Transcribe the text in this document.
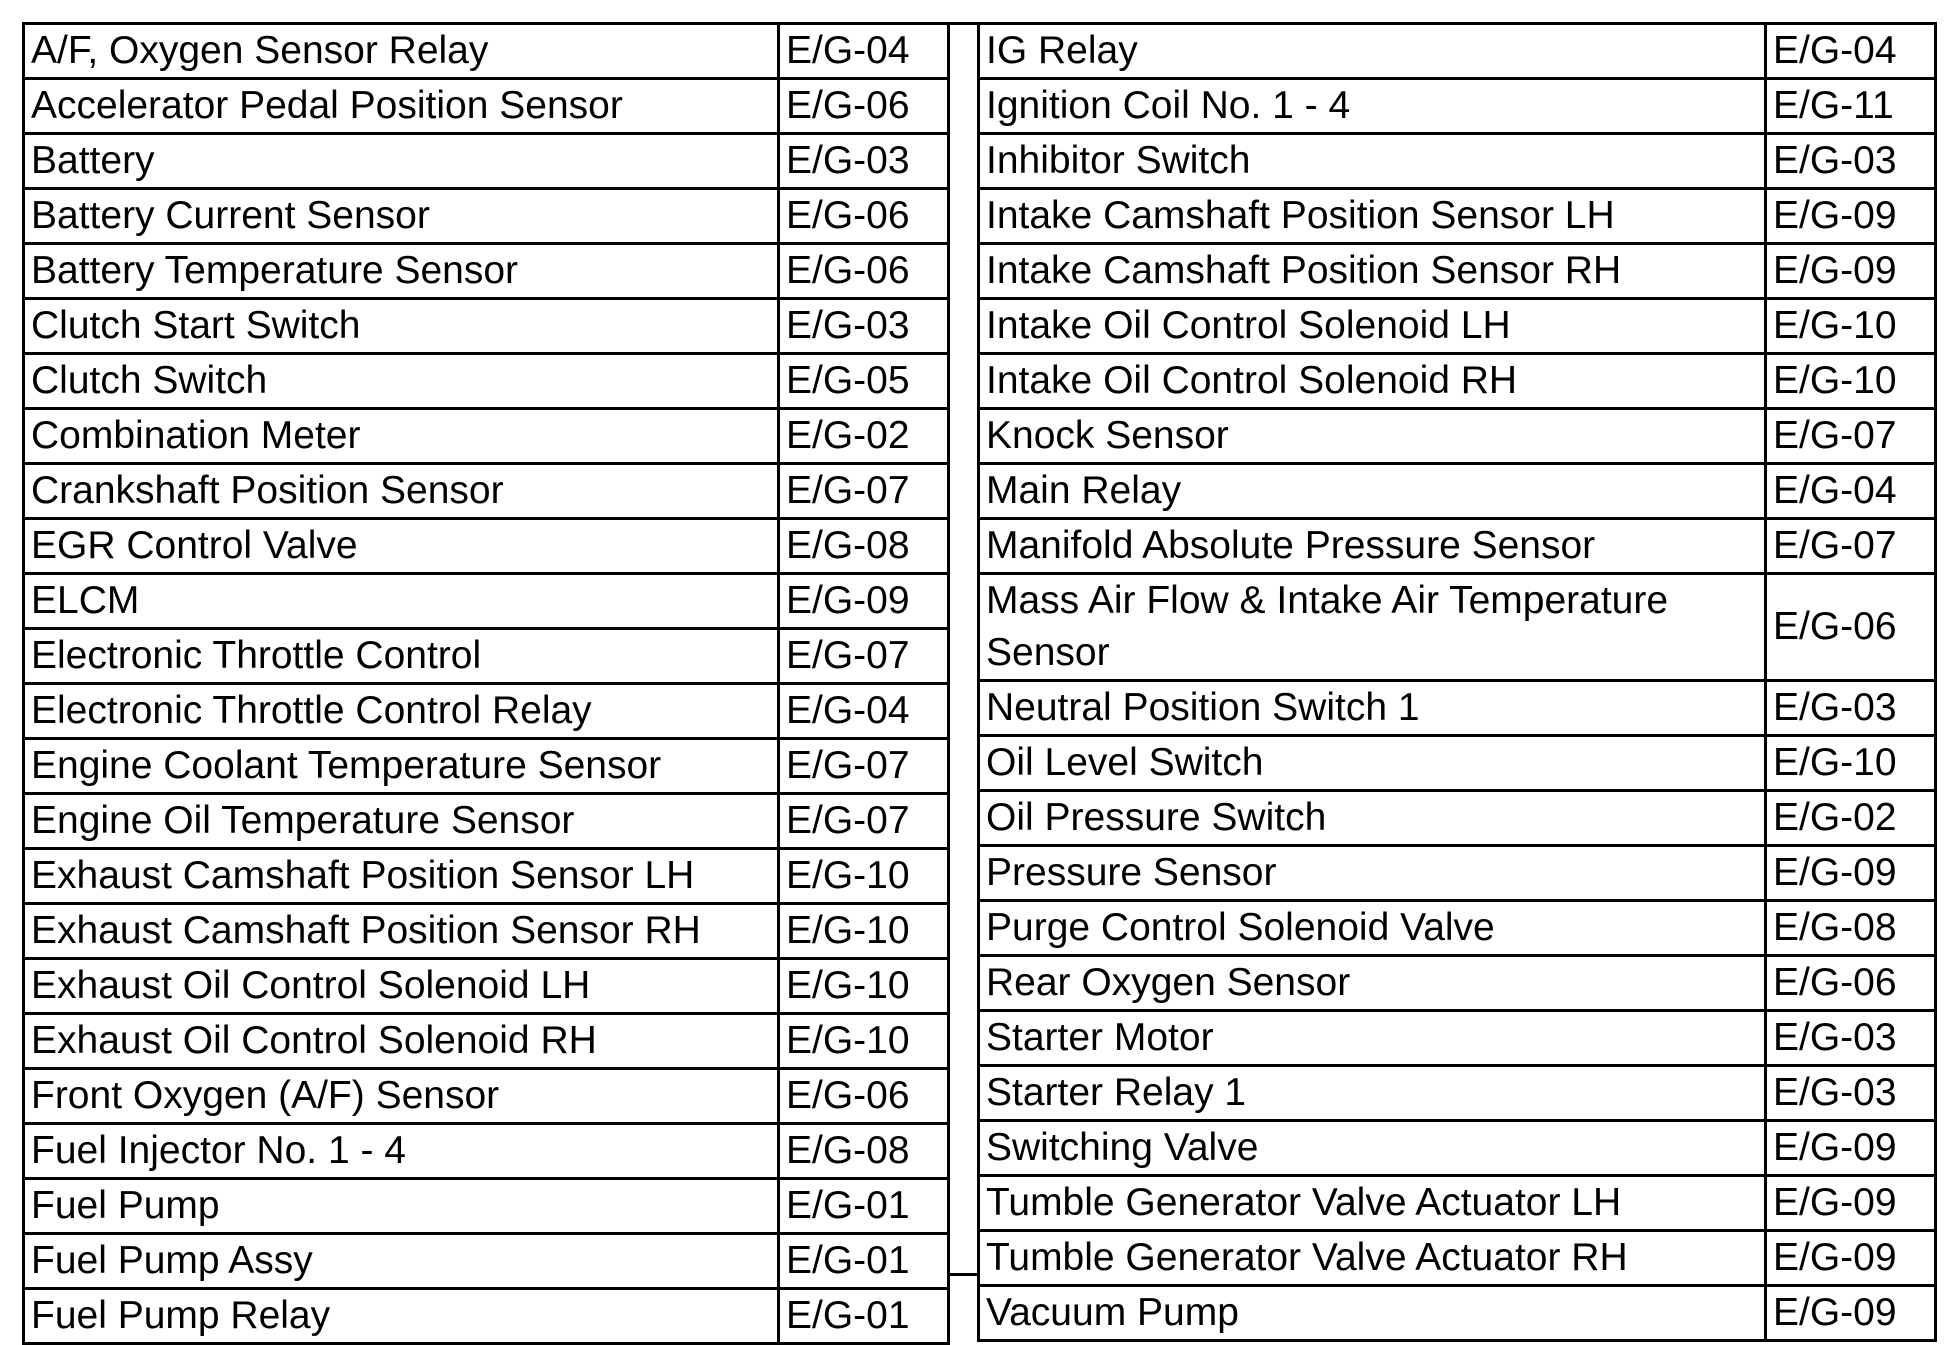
A/F, Oxygen Sensor Relay	E/G-04
Accelerator Pedal Position Sensor	E/G-06
Battery	E/G-03
Battery Current Sensor	E/G-06
Battery Temperature Sensor	E/G-06
Clutch Start Switch	E/G-03
Clutch Switch	E/G-05
Combination Meter	E/G-02
Crankshaft Position Sensor	E/G-07
EGR Control Valve	E/G-08
ELCM	E/G-09
Electronic Throttle Control	E/G-07
Electronic Throttle Control Relay	E/G-04
Engine Coolant Temperature Sensor	E/G-07
Engine Oil Temperature Sensor	E/G-07
Exhaust Camshaft Position Sensor LH	E/G-10
Exhaust Camshaft Position Sensor RH	E/G-10
Exhaust Oil Control Solenoid LH	E/G-10
Exhaust Oil Control Solenoid RH	E/G-10
Front Oxygen (A/F) Sensor	E/G-06
Fuel Injector No. 1 - 4	E/G-08
Fuel Pump	E/G-01
Fuel Pump Assy	E/G-01
Fuel Pump Relay	E/G-01
IG Relay	E/G-04
Ignition Coil No. 1 - 4	E/G-11
Inhibitor Switch	E/G-03
Intake Camshaft Position Sensor LH	E/G-09
Intake Camshaft Position Sensor RH	E/G-09
Intake Oil Control Solenoid LH	E/G-10
Intake Oil Control Solenoid RH	E/G-10
Knock Sensor	E/G-07
Main Relay	E/G-04
Manifold Absolute Pressure Sensor	E/G-07
Mass Air Flow & Intake Air Temperature Sensor	E/G-06
Neutral Position Switch 1	E/G-03
Oil Level Switch	E/G-10
Oil Pressure Switch	E/G-02
Pressure Sensor	E/G-09
Purge Control Solenoid Valve	E/G-08
Rear Oxygen Sensor	E/G-06
Starter Motor	E/G-03
Starter Relay 1	E/G-03
Switching Valve	E/G-09
Tumble Generator Valve Actuator LH	E/G-09
Tumble Generator Valve Actuator RH	E/G-09
Vacuum Pump	E/G-09
